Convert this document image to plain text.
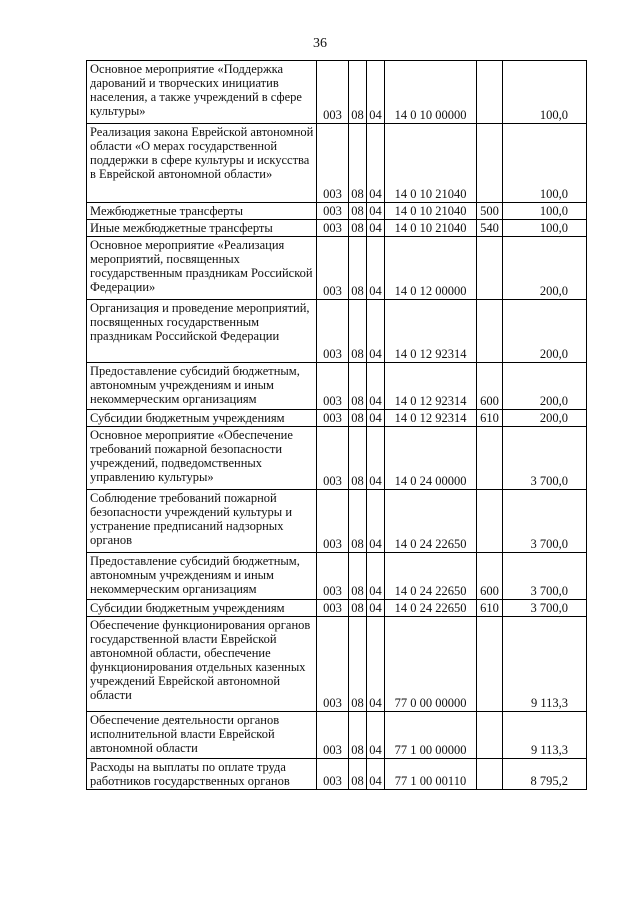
36
Основное мероприятие «Поддержка дарований и творческих инициатив населения, а также учреждений в сфере культуры»	003	08	04	14 0 10 00000		100,0
Реализация закона Еврейской автономной области «О мерах государственной поддержки в сфере культуры и искусства в Еврейской автономной области»	003	08	04	14 0 10 21040		100,0
Межбюджетные трансферты	003	08	04	14 0 10 21040	500	100,0
Иные межбюджетные трансферты	003	08	04	14 0 10 21040	540	100,0
Основное мероприятие «Реализация мероприятий, посвященных государственным праздникам Российской Федерации»	003	08	04	14 0 12 00000		200,0
Организация и проведение мероприятий, посвященных государственным праздникам Российской Федерации	003	08	04	14 0 12 92314		200,0
Предоставление субсидий бюджетным, автономным учреждениям и иным некоммерческим организациям	003	08	04	14 0 12 92314	600	200,0
Субсидии бюджетным учреждениям	003	08	04	14 0 12 92314	610	200,0
Основное мероприятие «Обеспечение требований пожарной безопасности учреждений, подведомственных управлению культуры»	003	08	04	14 0 24 00000		3 700,0
Соблюдение требований пожарной безопасности учреждений культуры и устранение предписаний надзорных органов	003	08	04	14 0 24 22650		3 700,0
Предоставление субсидий бюджетным, автономным учреждениям и иным некоммерческим организациям	003	08	04	14 0 24 22650	600	3 700,0
Субсидии бюджетным учреждениям	003	08	04	14 0 24 22650	610	3 700,0
Обеспечение функционирования органов государственной власти Еврейской автономной области, обеспечение функционирования отдельных казенных учреждений Еврейской автономной области	003	08	04	77 0 00 00000		9 113,3
Обеспечение деятельности органов исполнительной власти Еврейской автономной области	003	08	04	77 1 00 00000		9 113,3
Расходы на выплаты по оплате труда работников государственных органов	003	08	04	77 1 00 00110		8 795,2
